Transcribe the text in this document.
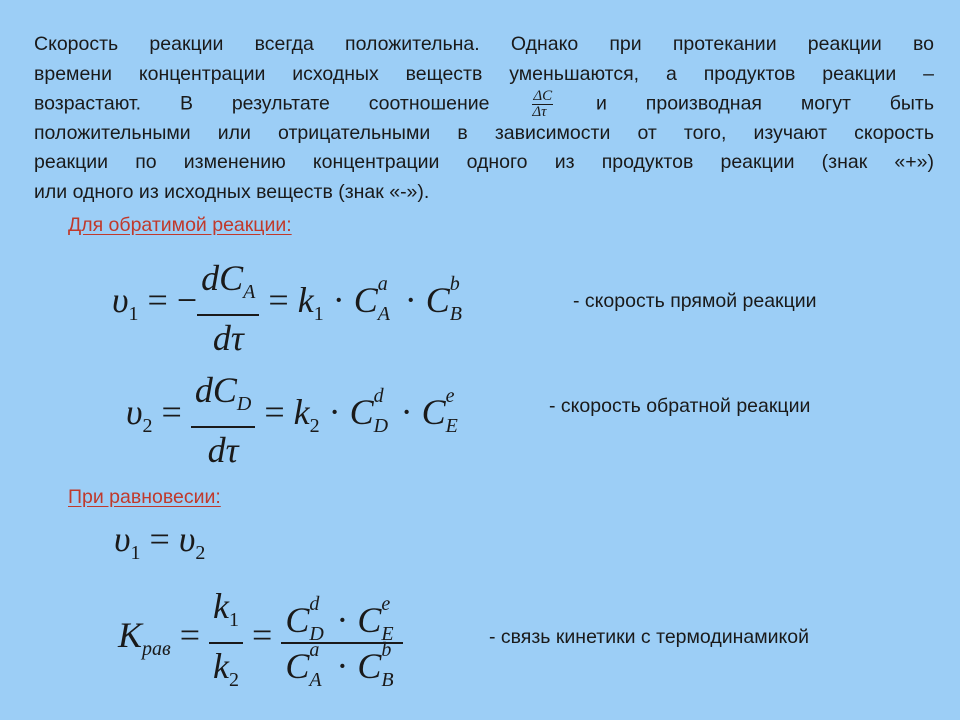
Скорость реакции всегда положительна. Однако при протекании реакции во
времени концентрации исходных веществ уменьшаются, а продуктов реакции –
возрастают. В результате соотношение	$\frac{\Delta C}{\Delta\tau}$ и производная могут быть
положительными или отрицательными в зависимости от того, изучают скорость
реакции по изменению концентрации одного из продуктов реакции (знак «+»)
или одного из исходных веществ (знак «-»).
Для обратимой реакции:
$\upsilon_1$ = − $\frac{dC_A}{d\tau} = k_1 \cdot C$ a
A · C b
B

- скорость прямой реакции
$\upsilon_2 = \frac{dC_D}{d\tau} = k_2 \cdot C$ d
D · C e
E

- скорость обратной реакции
При равновесии:
$\upsilon_1 = \upsilon_2$
$K_{рав} = \frac{k_1}{k_2} = C$ d
D · C e
E

C a
A · C b
B
	- связь кинетики с термодинамикой
